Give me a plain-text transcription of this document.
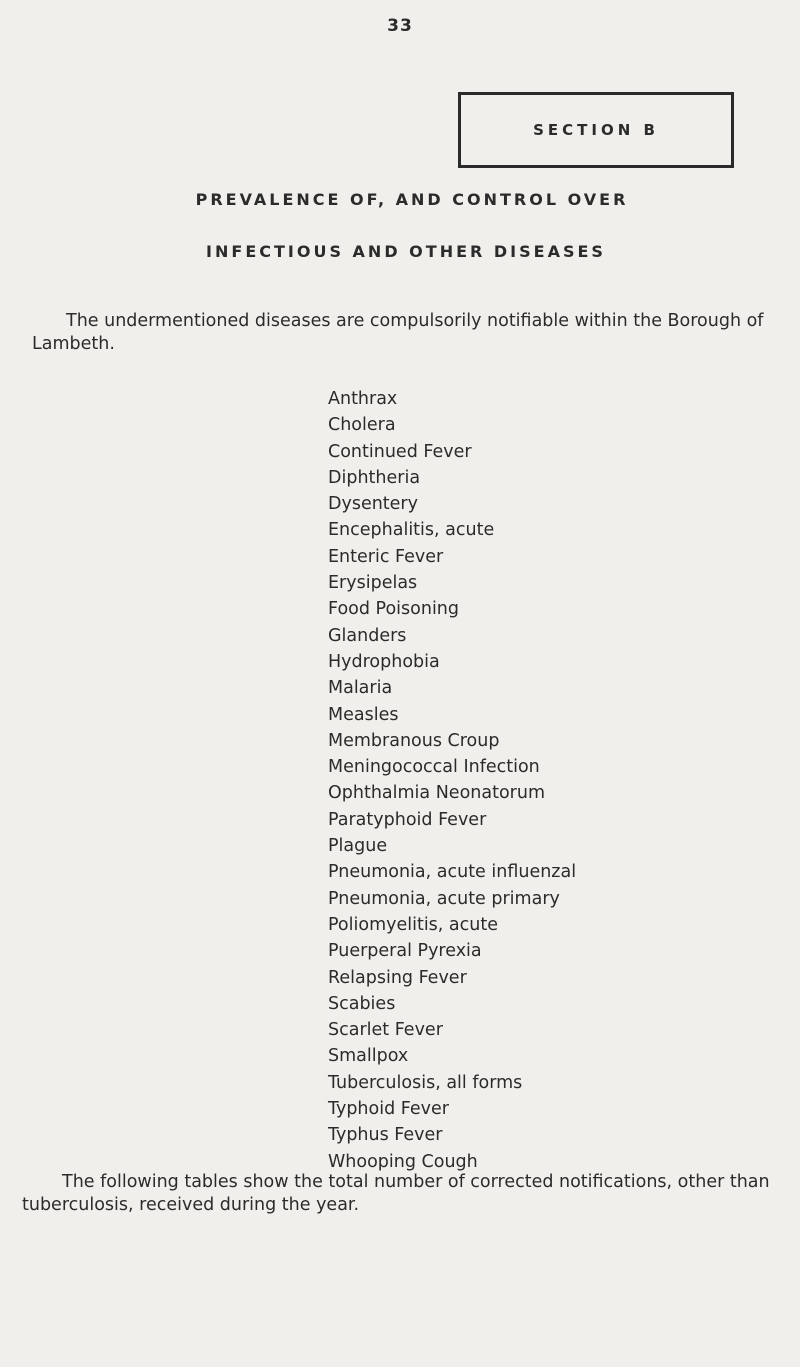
33
SECTION B
PREVALENCE OF, AND CONTROL OVER
INFECTIOUS AND OTHER DISEASES

The undermentioned diseases are compulsorily notifiable within the Borough of Lambeth.

Anthrax
Cholera
Continued Fever
Diphtheria
Dysentery
Encephalitis, acute
Enteric Fever
Erysipelas
Food Poisoning
Glanders
Hydrophobia
Malaria
Measles
Membranous Croup
Meningococcal Infection
Ophthalmia Neonatorum
Paratyphoid Fever
Plague
Pneumonia, acute influenzal
Pneumonia, acute primary
Poliomyelitis, acute
Puerperal Pyrexia
Relapsing Fever
Scabies
Scarlet Fever
Smallpox
Tuberculosis, all forms
Typhoid Fever
Typhus Fever
Whooping Cough

The following tables show the total number of corrected notifications, other than tuberculosis, received during the year.
